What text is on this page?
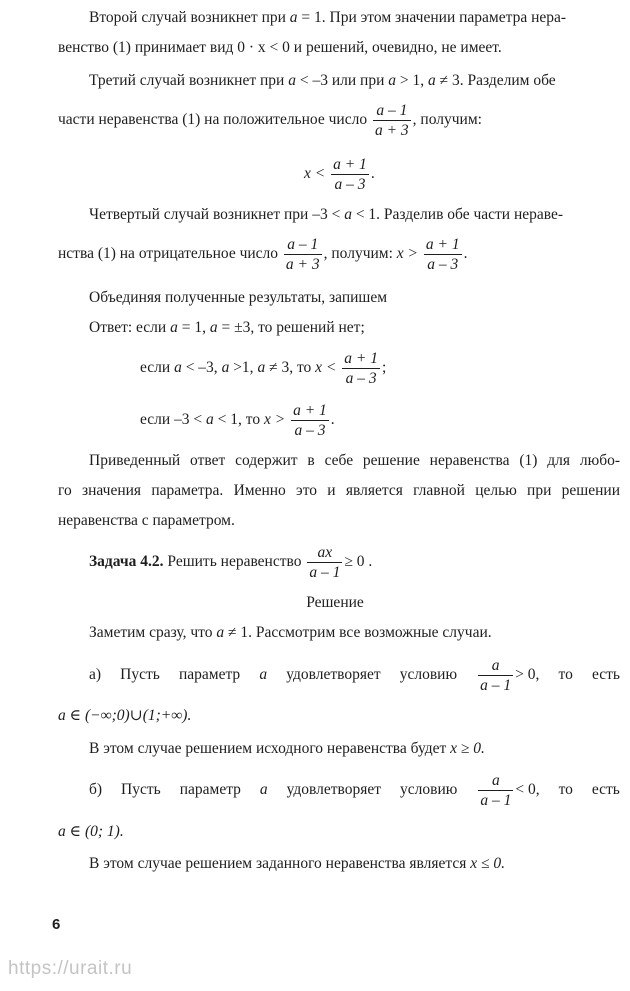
Второй случай возникнет при a = 1. При этом значении параметра нера-
венство (1) принимает вид 0 · x < 0 и решений, очевидно, не имеет.
Третий случай возникнет при a < –3 или при a > 1, a ≠ 3. Разделим обе
части неравенства (1) на положительное число $\frac{a - 1}{a + 3}$ , получим:
$x < \frac{a + 1}{a - 3}$ .
Четвертый случай возникнет при –3 < a < 1. Разделив обе части нераве-
нства (1) на отрицательное число $\frac{a - 1}{a + 3}$ , получим: $x > \frac{a + 1}{a - 3}$ .
Объединяя полученные результаты, запишем
Ответ: если a = 1, a = ±3, то решений нет;
если a < –3, a >1, a ≠ 3, то $x < \frac{a + 1}{a - 3}$ ;
если –3 < a < 1, то $x > \frac{a + 1}{a - 3}$ .
Приведенный ответ содержит в себе решение неравенства (1) для любо-
го значения параметра. Именно это и является главной целью при решении
неравенства с параметром.
Задача 4.2. Решить неравенство $\frac{ax}{a - 1} \ge 0$ .
Решение
Заметим сразу, что a ≠ 1. Рассмотрим все возможные случаи.
а) Пусть параметр a удовлетворяет условию $\frac{a}{a - 1} > 0$, то есть
a ∈ (−∞;0)∪(1;+∞).
В этом случае решением исходного неравенства будет x ≥ 0.
б) Пусть параметр a удовлетворяет условию $\frac{a}{a - 1} < 0$, то есть
a ∈ (0; 1).
В этом случае решением заданного неравенства является x ≤ 0.
6
https://urait.ru
